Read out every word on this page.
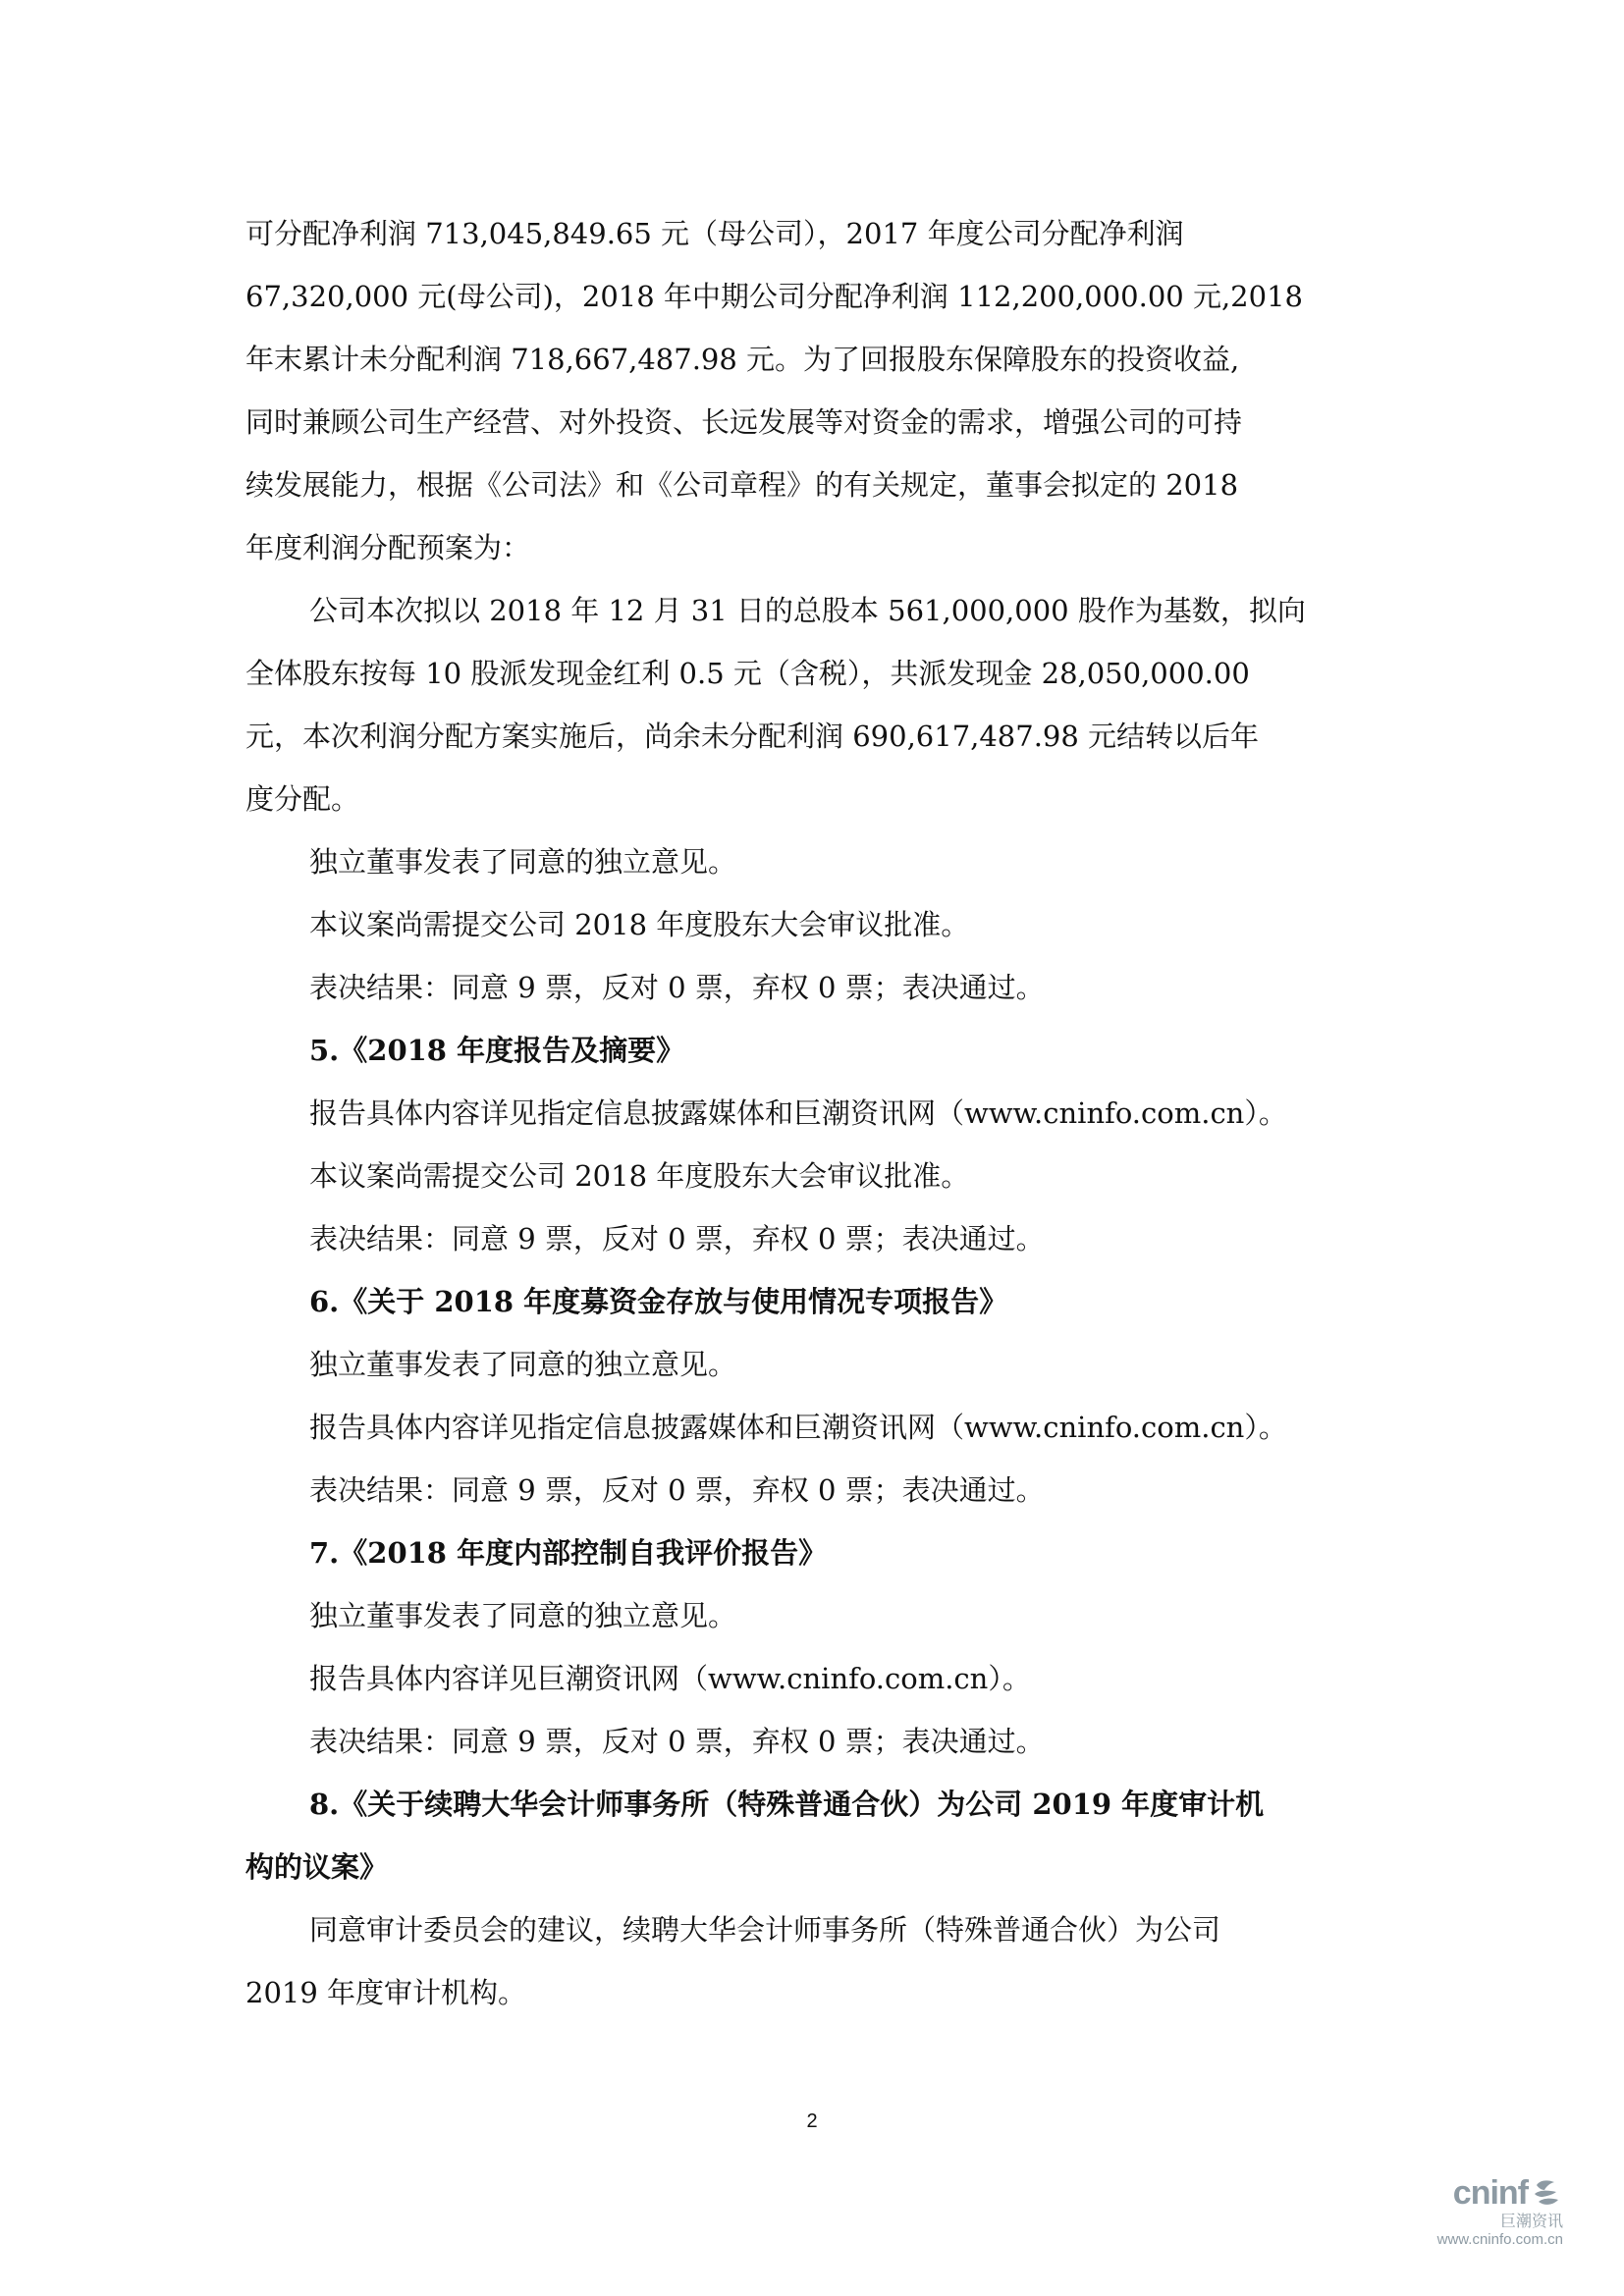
可分配净利润 713,045,849.65 元（母公司），2017 年度公司分配净利润
67,320,000 元(母公司)，2018 年中期公司分配净利润 112,200,000.00 元,2018
年末累计未分配利润 718,667,487.98 元。为了回报股东保障股东的投资收益,
同时兼顾公司生产经营、对外投资、长远发展等对资金的需求，增强公司的可持
续发展能力，根据《公司法》和《公司章程》的有关规定，董事会拟定的 2018
年度利润分配预案为：
公司本次拟以 2018 年 12 月 31 日的总股本 561,000,000 股作为基数，拟向
全体股东按每 10 股派发现金红利 0.5 元（含税），共派发现金 28,050,000.00
元，本次利润分配方案实施后，尚余未分配利润 690,617,487.98 元结转以后年
度分配。
独立董事发表了同意的独立意见。
本议案尚需提交公司 2018 年度股东大会审议批准。
表决结果：同意 9 票，反对 0 票，弃权 0 票；表决通过。
5.《2018 年度报告及摘要》
报告具体内容详见指定信息披露媒体和巨潮资讯网（www.cninfo.com.cn）。
本议案尚需提交公司 2018 年度股东大会审议批准。
表决结果：同意 9 票，反对 0 票，弃权 0 票；表决通过。
6.《关于 2018 年度募资金存放与使用情况专项报告》
独立董事发表了同意的独立意见。
报告具体内容详见指定信息披露媒体和巨潮资讯网（www.cninfo.com.cn）。
表决结果：同意 9 票，反对 0 票，弃权 0 票；表决通过。
7.《2018 年度内部控制自我评价报告》
独立董事发表了同意的独立意见。
报告具体内容详见巨潮资讯网（www.cninfo.com.cn）。
表决结果：同意 9 票，反对 0 票，弃权 0 票；表决通过。
8.《关于续聘大华会计师事务所（特殊普通合伙）为公司 2019 年度审计机
构的议案》
同意审计委员会的建议，续聘大华会计师事务所（特殊普通合伙）为公司
2019 年度审计机构。
2
cninf
巨潮资讯
www.cninfo.com.cn
